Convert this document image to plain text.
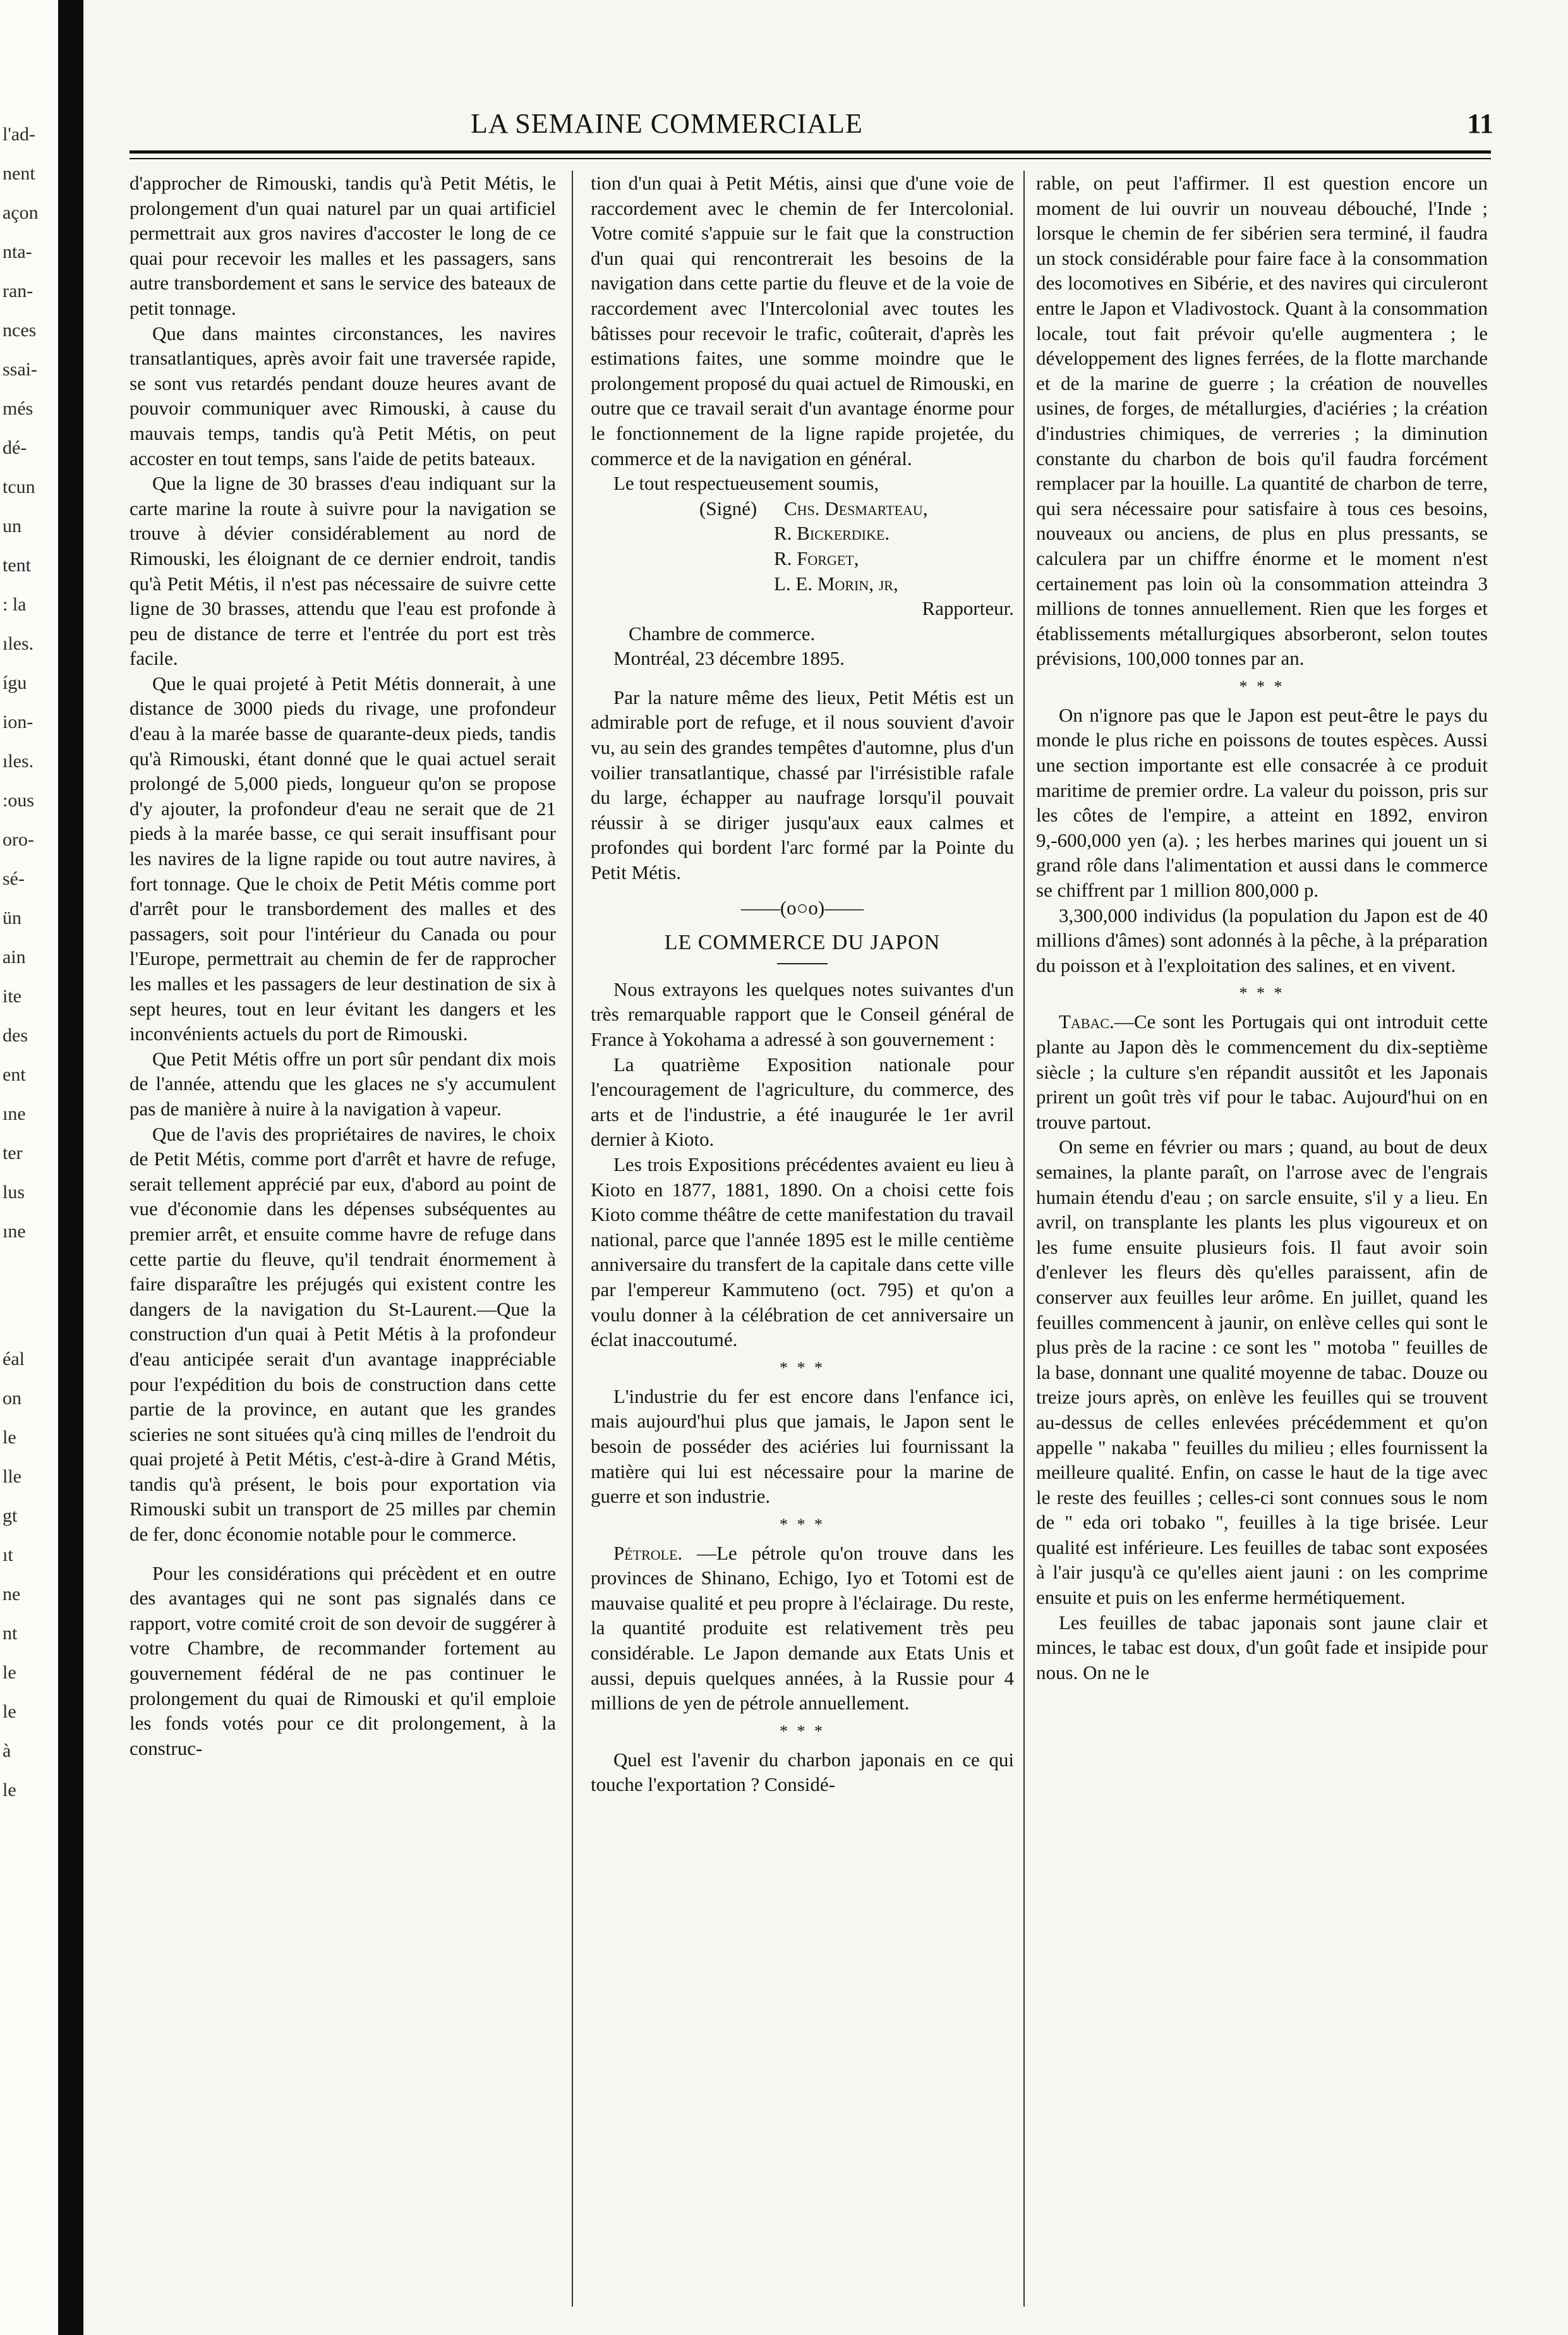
l'ad-
nent
açon
nta-
ran-
nces
ssai-
més
dé-
tcun
un
tent
: la
ıles.
ígu
ion-
ıles.
:ous
oro-
sé-
ün
ain
ite
des
ent
ıne
ter
lus
ıne
éal
on
le
lle
gt
ıt
ne
nt
le
le
à
le
LA SEMAINE COMMERCIALE	11

d'approcher de Rimouski, tandis qu'à Petit Métis, le prolongement d'un quai naturel par un quai artificiel permettrait aux gros navires d'accoster le long de ce quai pour recevoir les malles et les passagers, sans autre transbordement et sans le service des bateaux de petit tonnage.

Que dans maintes circonstances, les navires transatlantiques, après avoir fait une traversée rapide, se sont vus retardés pendant douze heures avant de pouvoir communiquer avec Rimouski, à cause du mauvais temps, tandis qu'à Petit Métis, on peut accoster en tout temps, sans l'aide de petits bateaux.

Que la ligne de 30 brasses d'eau indiquant sur la carte marine la route à suivre pour la navigation se trouve à dévier considérablement au nord de Rimouski, les éloignant de ce dernier endroit, tandis qu'à Petit Métis, il n'est pas nécessaire de suivre cette ligne de 30 brasses, attendu que l'eau est profonde à peu de distance de terre et l'entrée du port est très facile.

Que le quai projeté à Petit Métis donnerait, à une distance de 3000 pieds du rivage, une profondeur d'eau à la marée basse de quarante-deux pieds, tandis qu'à Rimouski, étant donné que le quai actuel serait prolongé de 5,000 pieds, longueur qu'on se propose d'y ajouter, la profondeur d'eau ne serait que de 21 pieds à la marée basse, ce qui serait insuffisant pour les navires de la ligne rapide ou tout autre navires, à fort tonnage. Que le choix de Petit Métis comme port d'arrêt pour le transbordement des malles et des passagers, soit pour l'intérieur du Canada ou pour l'Europe, permettrait au chemin de fer de rapprocher les malles et les passagers de leur destination de six à sept heures, tout en leur évitant les dangers et les inconvénients actuels du port de Rimouski.

Que Petit Métis offre un port sûr pendant dix mois de l'année, attendu que les glaces ne s'y accumulent pas de manière à nuire à la navigation à vapeur.

Que de l'avis des propriétaires de navires, le choix de Petit Métis, comme port d'arrêt et havre de refuge, serait tellement apprécié par eux, d'abord au point de vue d'économie dans les dépenses subséquentes au premier arrêt, et ensuite comme havre de refuge dans cette partie du fleuve, qu'il tendrait énormement à faire disparaître les préjugés qui existent contre les dangers de la navigation du St-Laurent.—Que la construction d'un quai à Petit Métis à la profondeur d'eau anticipée serait d'un avantage inappréciable pour l'expédition du bois de construction dans cette partie de la province, en autant que les grandes scieries ne sont situées qu'à cinq milles de l'endroit du quai projeté à Petit Métis, c'est-à-dire à Grand Métis, tandis qu'à présent, le bois pour exportation via Rimouski subit un transport de 25 milles par chemin de fer, donc économie notable pour le commerce.

Pour les considérations qui précèdent et en outre des avantages qui ne sont pas signalés dans ce rapport, votre comité croit de son devoir de suggérer à votre Chambre, de recommander fortement au gouvernement fédéral de ne pas continuer le prolongement du quai de Rimouski et qu'il emploie les fonds votés pour ce dit prolongement, à la construc-

tion d'un quai à Petit Métis, ainsi que d'une voie de raccordement avec le chemin de fer Intercolonial. Votre comité s'appuie sur le fait que la construction d'un quai qui rencontrerait les besoins de la navigation dans cette partie du fleuve et de la voie de raccordement avec l'Intercolonial avec toutes les bâtisses pour recevoir le trafic, coûterait, d'après les estimations faites, une somme moindre que le prolongement proposé du quai actuel de Rimouski, en outre que ce travail serait d'un avantage énorme pour le fonctionnement de la ligne rapide projetée, du commerce et de la navigation en général.

Le tout respectueusement soumis,

(Signé) Chs. Desmarteau,
R. Bickerdike.
R. Forget,
L. E. Morin, jr,

Rapporteur.

Chambre de commerce.

Montréal, 23 décembre 1895.

Par la nature même des lieux, Petit Métis est un admirable port de refuge, et il nous souvient d'avoir vu, au sein des grandes tempêtes d'automne, plus d'un voilier transatlantique, chassé par l'irrésistible rafale du large, échapper au naufrage lorsqu'il pouvait réussir à se diriger jusqu'aux eaux calmes et profondes qui bordent l'arc formé par la Pointe du Petit Métis.

——(o○o)——

LE COMMERCE DU JAPON

Nous extrayons les quelques notes suivantes d'un très remarquable rapport que le Conseil général de France à Yokohama a adressé à son gouvernement :

La quatrième Exposition nationale pour l'encouragement de l'agriculture, du commerce, des arts et de l'industrie, a été inaugurée le 1er avril dernier à Kioto.

Les trois Expositions précédentes avaient eu lieu à Kioto en 1877, 1881, 1890. On a choisi cette fois Kioto comme théâtre de cette manifestation du travail national, parce que l'année 1895 est le mille centième anniversaire du transfert de la capitale dans cette ville par l'empereur Kammuteno (oct. 795) et qu'on a voulu donner à la célébration de cet anniversaire un éclat inaccoutumé.

* * *

L'industrie du fer est encore dans l'enfance ici, mais aujourd'hui plus que jamais, le Japon sent le besoin de posséder des aciéries lui fournissant la matière qui lui est nécessaire pour la marine de guerre et son industrie.

* * *

Pétrole. —Le pétrole qu'on trouve dans les provinces de Shinano, Echigo, Iyo et Totomi est de mauvaise qualité et peu propre à l'éclairage. Du reste, la quantité produite est relativement très peu considérable. Le Japon demande aux Etats Unis et aussi, depuis quelques années, à la Russie pour 4 millions de yen de pétrole annuellement.

* * *

Quel est l'avenir du charbon japonais en ce qui touche l'exportation ? Considé-

rable, on peut l'affirmer. Il est question encore un moment de lui ouvrir un nouveau débouché, l'Inde ; lorsque le chemin de fer sibérien sera terminé, il faudra un stock considérable pour faire face à la consommation des locomotives en Sibérie, et des navires qui circuleront entre le Japon et Vladivostock. Quant à la consommation locale, tout fait prévoir qu'elle augmentera ; le développement des lignes ferrées, de la flotte marchande et de la marine de guerre ; la création de nouvelles usines, de forges, de métallurgies, d'aciéries ; la création d'industries chimiques, de verreries ; la diminution constante du charbon de bois qu'il faudra forcément remplacer par la houille. La quantité de charbon de terre, qui sera nécessaire pour satisfaire à tous ces besoins, nouveaux ou anciens, de plus en plus pressants, se calculera par un chiffre énorme et le moment n'est certainement pas loin où la consommation atteindra 3 millions de tonnes annuellement. Rien que les forges et établissements métallurgiques absorberont, selon toutes prévisions, 100,000 tonnes par an.

* * *

On n'ignore pas que le Japon est peut-être le pays du monde le plus riche en poissons de toutes espèces. Aussi une section importante est elle consacrée à ce produit maritime de premier ordre. La valeur du poisson, pris sur les côtes de l'empire, a atteint en 1892, environ 9,-600,000 yen (a). ; les herbes marines qui jouent un si grand rôle dans l'alimentation et aussi dans le commerce se chiffrent par 1 million 800,000 p.

3,300,000 individus (la population du Japon est de 40 millions d'âmes) sont adonnés à la pêche, à la préparation du poisson et à l'exploitation des salines, et en vivent.

* * *

Tabac.—Ce sont les Portugais qui ont introduit cette plante au Japon dès le commencement du dix-septième siècle ; la culture s'en répandit aussitôt et les Japonais prirent un goût très vif pour le tabac. Aujourd'hui on en trouve partout.

On seme en février ou mars ; quand, au bout de deux semaines, la plante paraît, on l'arrose avec de l'engrais humain étendu d'eau ; on sarcle ensuite, s'il y a lieu. En avril, on transplante les plants les plus vigoureux et on les fume ensuite plusieurs fois. Il faut avoir soin d'enlever les fleurs dès qu'elles paraissent, afin de conserver aux feuilles leur arôme. En juillet, quand les feuilles commencent à jaunir, on enlève celles qui sont le plus près de la racine : ce sont les " motoba " feuilles de la base, donnant une qualité moyenne de tabac. Douze ou treize jours après, on enlève les feuilles qui se trouvent au-dessus de celles enlevées précédemment et qu'on appelle " nakaba " feuilles du milieu ; elles fournissent la meilleure qualité. Enfin, on casse le haut de la tige avec le reste des feuilles ; celles-ci sont connues sous le nom de " eda ori tobako ", feuilles à la tige brisée. Leur qualité est inférieure. Les feuilles de tabac sont exposées à l'air jusqu'à ce qu'elles aient jauni : on les comprime ensuite et puis on les enferme hermétiquement.

Les feuilles de tabac japonais sont jaune clair et minces, le tabac est doux, d'un goût fade et insipide pour nous. On ne le
